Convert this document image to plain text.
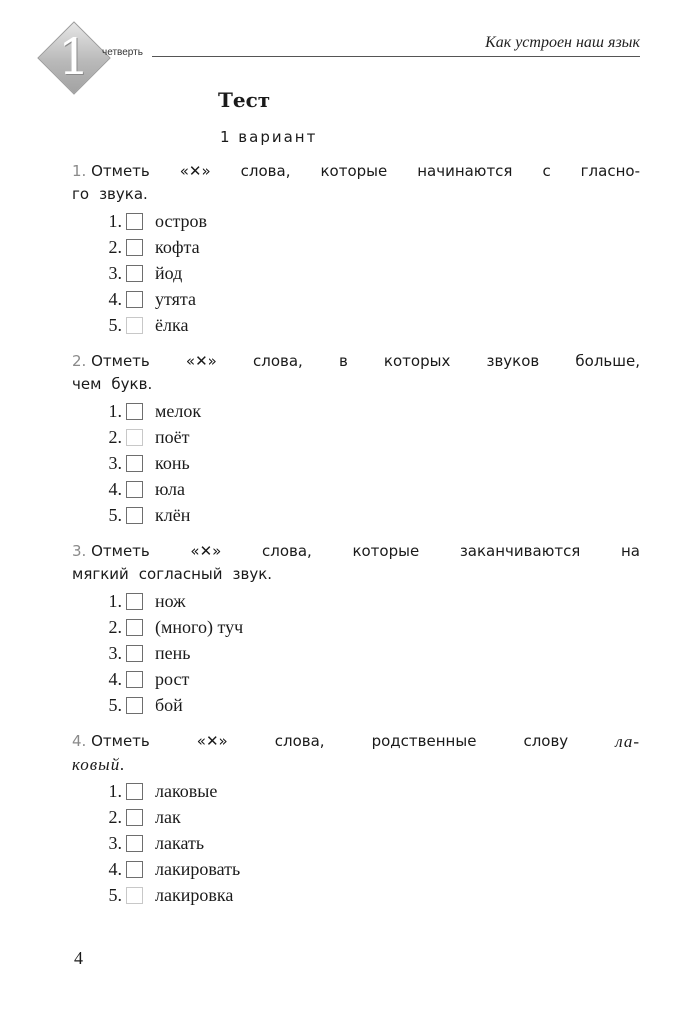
1	четверть
Как устроен наш язык
Тест
1 вариант
1. Отметь «✕» слова, которые начинаются с гласно-
го звука.
1. остров
2. кофта
3. йод
4. утята
5. ёлка
2. Отметь «✕» слова, в которых звуков больше,
чем букв.
1. мелок
2. поёт
3. конь
4. юла
5. клён
3. Отметь	«✕»	слова,	которые	заканчиваются	на
мягкий согласный звук.
1. нож
2. (много) туч
3. пень
4. рост
5. бой
4. Отметь	«✕»	слова,	родственные	слову	ла-
ковый.
1. лаковые
2. лак
3. лакать
4. лакировать
5. лакировка
4
